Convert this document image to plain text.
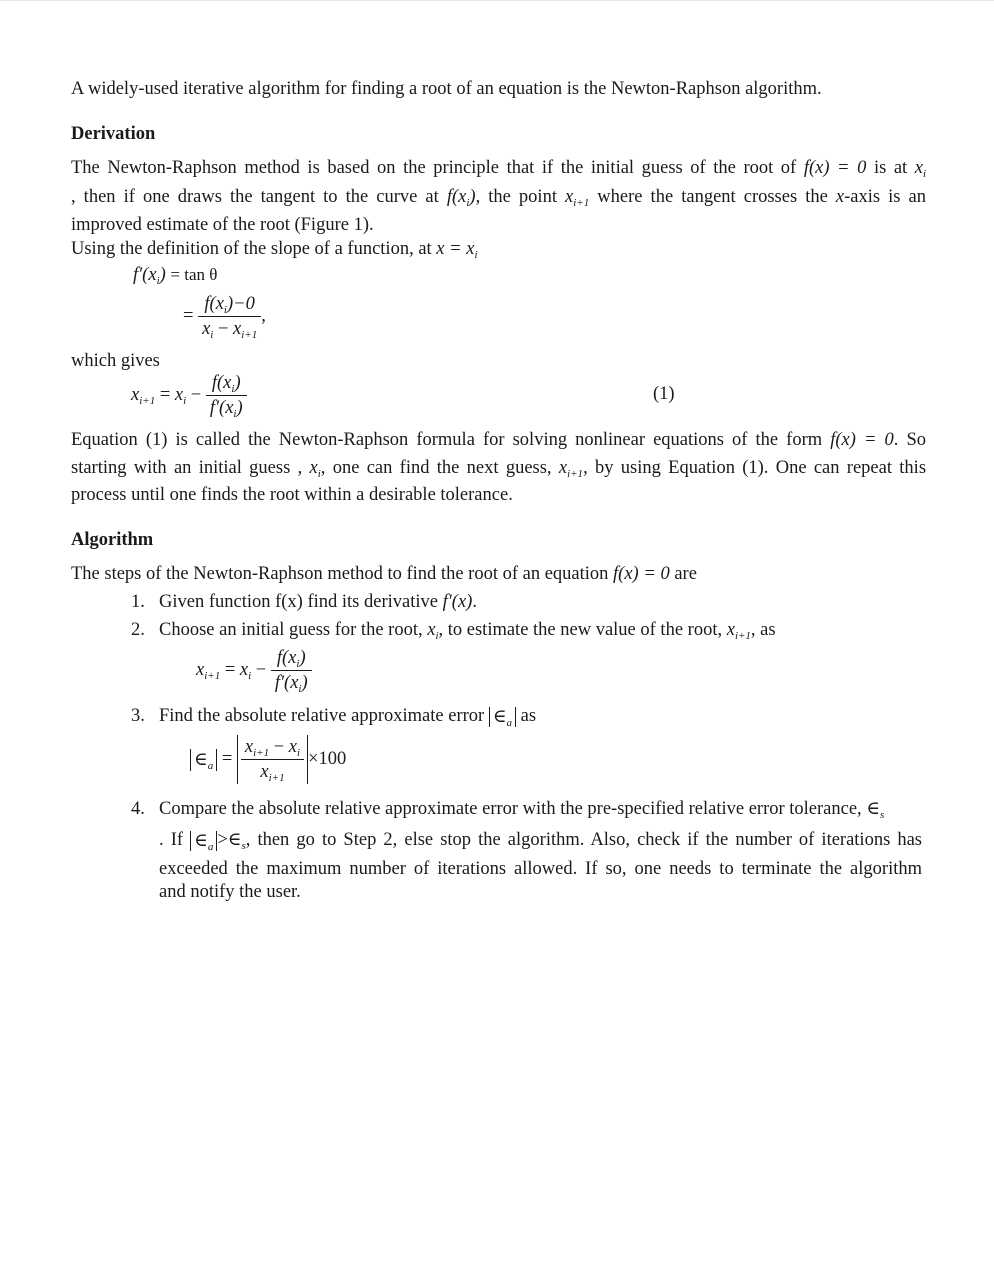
A widely-used iterative algorithm for finding a root of an equation is the Newton-Raphson algorithm.
Derivation
The Newton-Raphson method is based on the principle that if the initial guess of the root of f(x) = 0 is at $x_i$
, then if one draws the tangent to the curve at $f(x_i)$, the point $x_{i+1}$ where the tangent crosses the x-axis is an
improved estimate of the root (Figure 1).
Using the definition of the slope of a function, at $x = x_i$
$f'(x_i) = \tan \theta$
= $\frac{f(x_i)-0}{x_i - x_{i+1}}$ ,
which gives
$x_{i+1} = x_i - \frac{f(x_i)}{f'(x_i)}$	(1)
Equation (1) is called the Newton-Raphson formula for solving nonlinear equations of the form f(x) = 0. So
starting with an initial guess , $x_i$, one can find the next guess, $x_{i+1}$, by using Equation (1). One can repeat this
process until one finds the root within a desirable tolerance.
Algorithm
The steps of the Newton-Raphson method to find the root of an equation f(x) = 0 are
1. Given function f(x) find its derivative f′(x).
2. Choose an initial guess for the root, $x_i$, to estimate the new value of the root, $x_{i+1}$, as
$x_{i+1} = x_i - \frac{f(x_i)}{f'(x_i)}$
3. Find the absolute relative approximate error $\in_a$ as
$\in_a = \frac{x_{i+1} - x_i}{x_{i+1}} \times 100$
4. Compare the absolute relative approximate error with the pre-specified relative error tolerance, $\in_s$
. If $\in_a$ $>\in_s$, then go to Step 2, else stop the algorithm. Also, check if the number of iterations has
exceeded the maximum number of iterations allowed. If so, one needs to terminate the algorithm
and notify the user.
